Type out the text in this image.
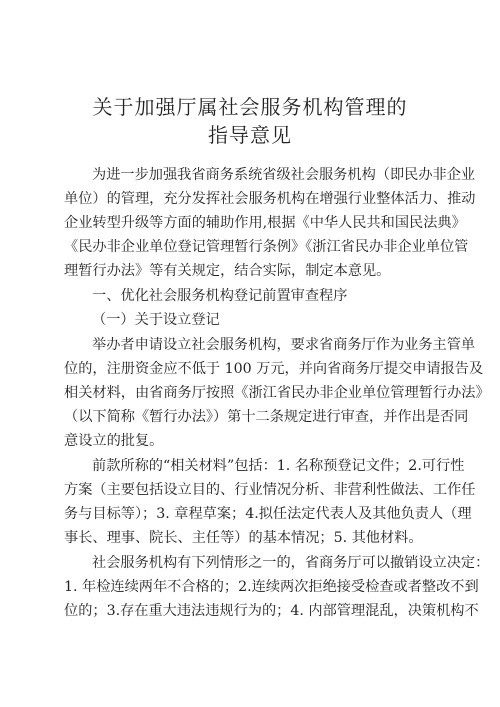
关于加强厅属社会服务机构管理的
指导意见
为进一步加强我省商务系统省级社会服务机构（即民办非企业
单位）的管理，充分发挥社会服务机构在增强行业整体活力、推动
企业转型升级等方面的辅助作用,根据《中华人民共和国民法典》
《民办非企业单位登记管理暂行条例》《浙江省民办非企业单位管
理暂行办法》等有关规定，结合实际，制定本意见。
一、优化社会服务机构登记前置审查程序
（一）关于设立登记
举办者申请设立社会服务机构，要求省商务厅作为业务主管单
位的，注册资金应不低于 100 万元，并向省商务厅提交申请报告及
相关材料，由省商务厅按照《浙江省民办非企业单位管理暂行办法》
（以下简称《暂行办法》）第十二条规定进行审查，并作出是否同
意设立的批复。
前款所称的“相关材料”包括：1. 名称预登记文件；2.可行性
方案（主要包括设立目的、行业情况分析、非营利性做法、工作任
务与目标等）；3. 章程草案；4.拟任法定代表人及其他负责人（理
事长、理事、院长、主任等）的基本情况；5. 其他材料。
社会服务机构有下列情形之一的，省商务厅可以撤销设立决定：
1. 年检连续两年不合格的；2.连续两次拒绝接受检查或者整改不到
位的；3.存在重大违法违规行为的；4. 内部管理混乱，决策机构不
